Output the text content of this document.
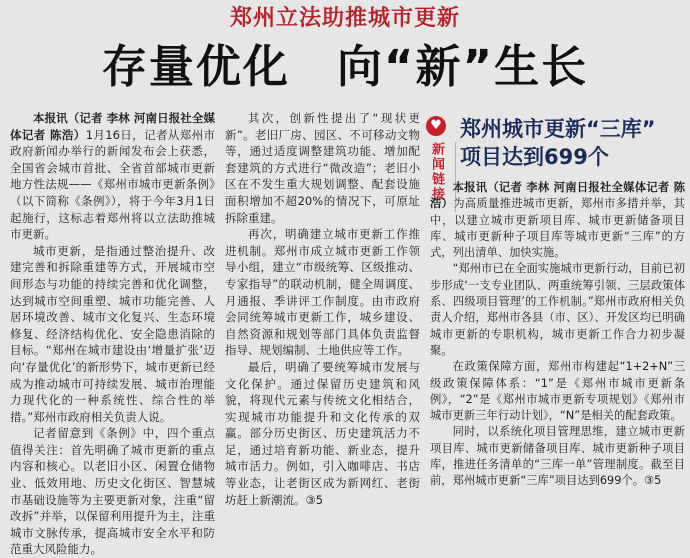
郑州立法助推城市更新
存量优化　向“新”生长

本报讯（记者 李林 河南日报社全媒体记者 陈浩）1月16日，记者从郑州市政府新闻办举行的新闻发布会上获悉，全国省会城市首批、全省首部城市更新地方性法规——《郑州市城市更新条例》（以下简称《条例》），将于今年3月1日起施行，这标志着郑州将以立法助推城市更新。

城市更新，是指通过整治提升、改建完善和拆除重建等方式，开展城市空间形态与功能的持续完善和优化调整，达到城市空间重塑、城市功能完善、人居环境改善、城市文化复兴、生态环境修复、经济结构优化、安全隐患消除的目标。“郑州在城市建设由‘增量扩张’迈向‘存量优化’的新形势下，城市更新已经成为推动城市可持续发展、城市治理能力现代化的一种系统性、综合性的举措。”郑州市政府相关负责人说。

记者留意到《条例》中，四个重点值得关注：首先明确了城市更新的重点内容和核心。以老旧小区、闲置仓储物业、低效用地、历史文化街区、智慧城市基础设施等为主要更新对象，注重“留改拆”并举，以保留利用提升为主，注重城市文脉传承，提高城市安全水平和防范重大风险能力。

其次，创新性提出了“现状更新”。老旧厂房、园区、不可移动文物等，通过适度调整建筑功能、增加配套建筑的方式进行“微改造”；老旧小区在不发生重大规划调整、配套设施面积增加不超20%的情况下，可原址拆除重建。

再次，明确建立城市更新工作推进机制。郑州市成立城市更新工作领导小组，建立“市级统筹、区级推动、专家指导”的联动机制，健全周调度、月通报、季讲评工作制度。由市政府会同统筹城市更新工作，城乡建设、自然资源和规划等部门具体负责监督指导、规划编制、土地供应等工作。

最后，明确了要统筹城市发展与文化保护。通过保留历史建筑和风貌，将现代元素与传统文化相结合，实现城市功能提升和文化传承的双赢。部分历史街区、历史建筑活力不足，通过培育新功能、新业态，提升城市活力。例如，引入咖啡店、书店等业态，让老街区成为新网红、老街坊赶上新潮流。③5

♥
新闻链接
郑州城市更新“三库”
项目达到699个

本报讯（记者 李林 河南日报社全媒体记者 陈浩）为高质量推进城市更新，郑州市多措并举，其中，以建立城市更新项目库、城市更新储备项目库、城市更新种子项目库等城市更新“三库”的方式，列出清单、加快实施。

“郑州市已在全面实施城市更新行动，目前已初步形成‘一支专业团队、两重统筹引领、三层政策体系、四级项目管理’的工作机制。”郑州市政府相关负责人介绍，郑州市各县（市、区）、开发区均已明确城市更新的专职机构，城市更新工作合力初步凝聚。

在政策保障方面，郑州市构建起“1+2+N”三级政策保障体系：“1”是《郑州市城市更新条例》，“2”是《郑州市城市更新专项规划》《郑州市城市更新三年行动计划》，“N”是相关的配套政策。

同时，以系统化项目管理思维，建立城市更新项目库、城市更新储备项目库、城市更新种子项目库，推进任务清单的“三库一单”管理制度。截至目前，郑州城市更新“三库”项目达到699个。③5
